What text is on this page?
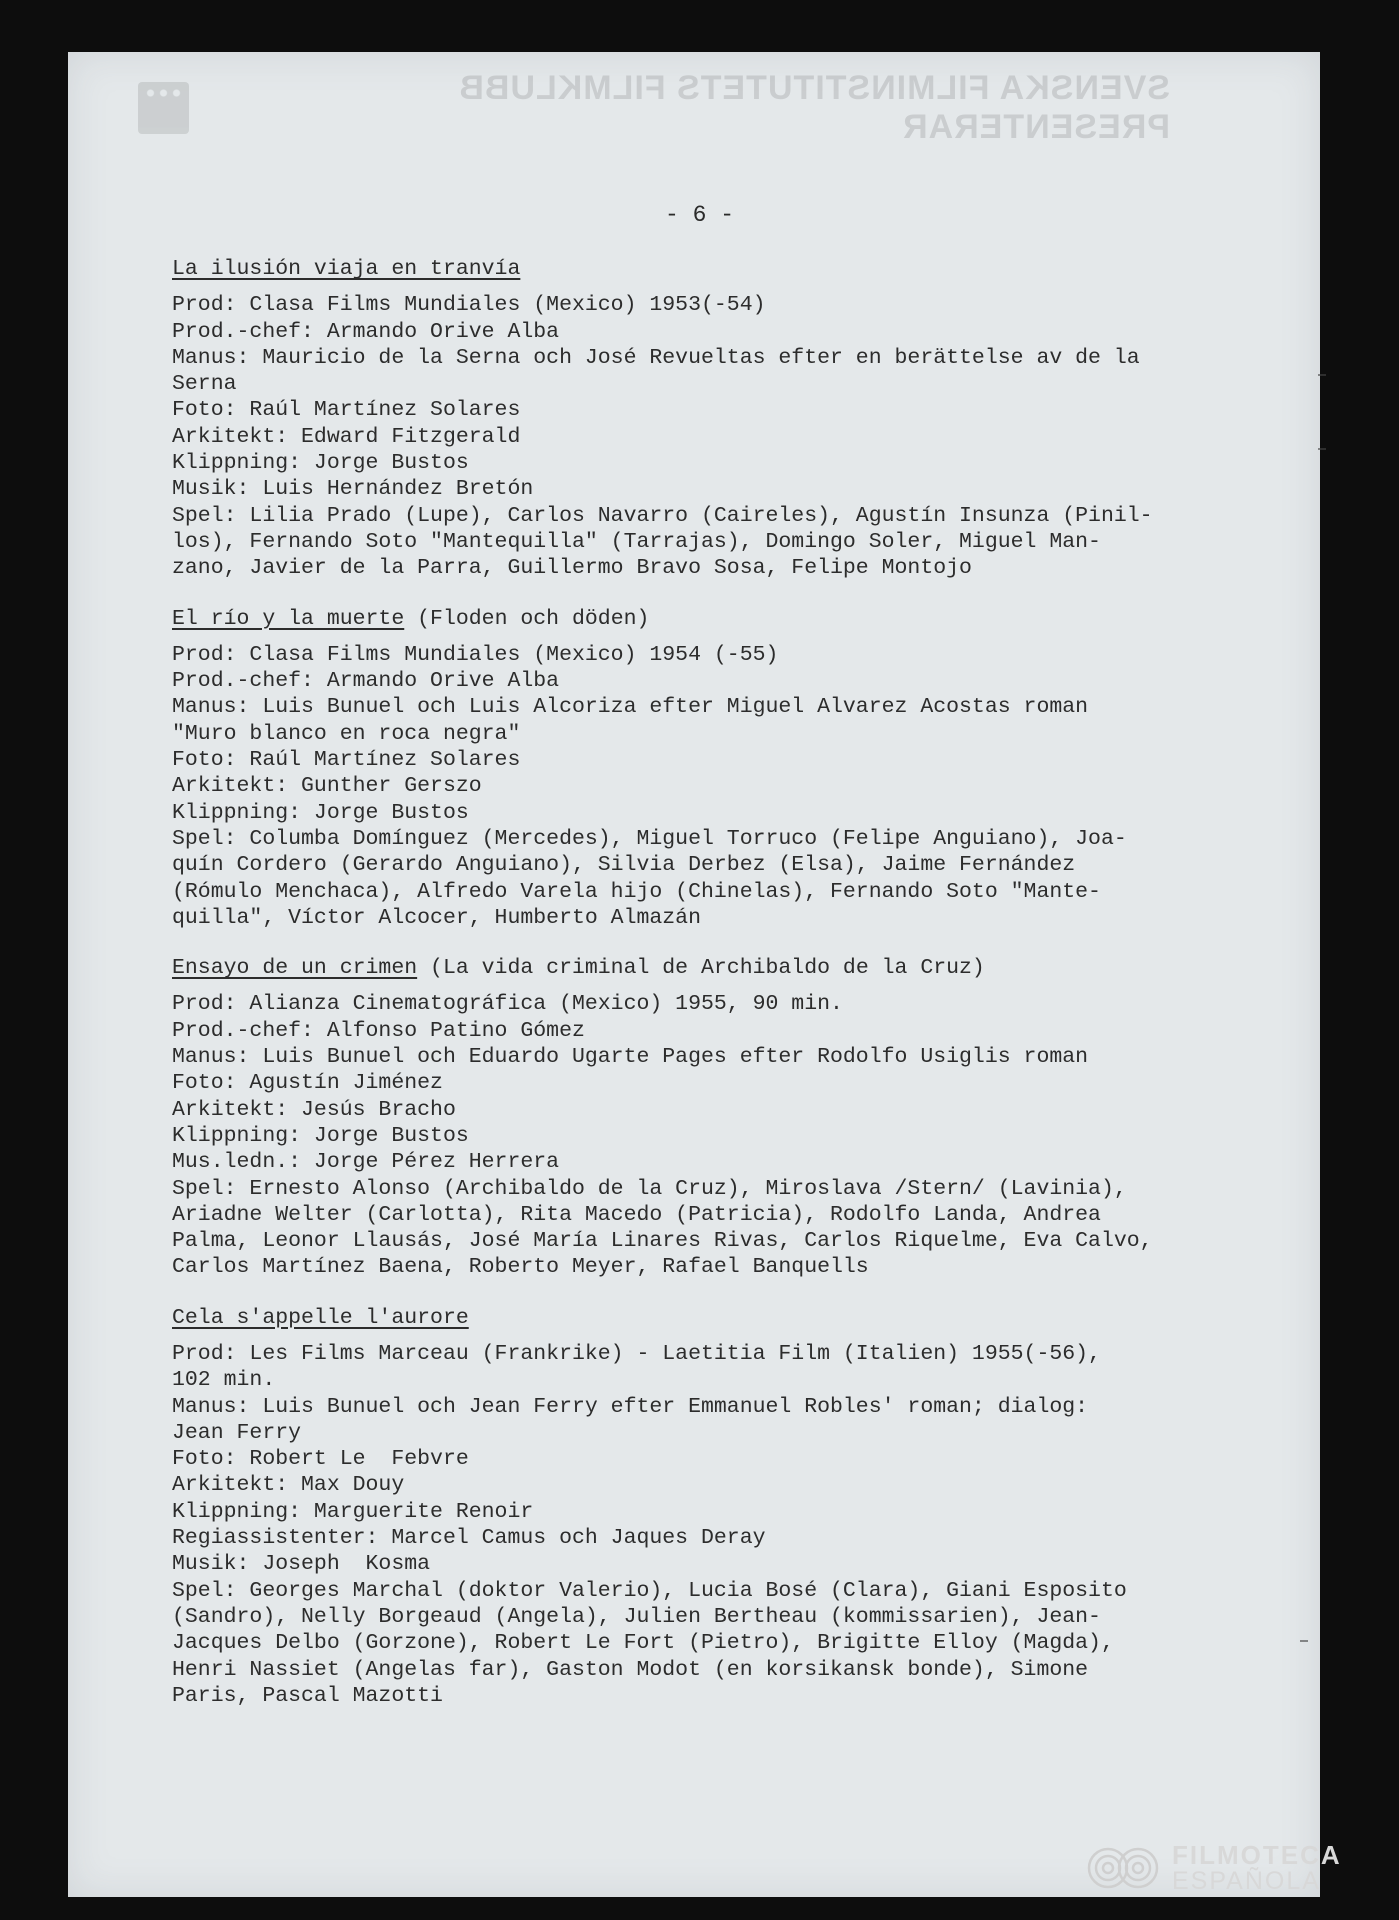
SVENSKA FILMINSTITUTETS FILMKLUBB PRESENTERAR
- 6 -
La ilusión viaja en tranvía
Prod: Clasa Films Mundiales (Mexico) 1953(-54)
Prod.-chef: Armando Orive Alba
Manus: Mauricio de la Serna och José Revueltas efter en berättelse av de la
Serna
Foto: Raúl Martínez Solares
Arkitekt: Edward Fitzgerald
Klippning: Jorge Bustos
Musik: Luis Hernández Bretón
Spel: Lilia Prado (Lupe), Carlos Navarro (Caireles), Agustín Insunza (Pinil-
los), Fernando Soto "Mantequilla" (Tarrajas), Domingo Soler, Miguel Man-
zano, Javier de la Parra, Guillermo Bravo Sosa, Felipe Montojo
El río y la muerte (Floden och döden)
Prod: Clasa Films Mundiales (Mexico) 1954 (-55)
Prod.-chef: Armando Orive Alba
Manus: Luis Bunuel och Luis Alcoriza efter Miguel Alvarez Acostas roman
"Muro blanco en roca negra"
Foto: Raúl Martínez Solares
Arkitekt: Gunther Gerszo
Klippning: Jorge Bustos
Spel: Columba Domínguez (Mercedes), Miguel Torruco (Felipe Anguiano), Joa-
quín Cordero (Gerardo Anguiano), Silvia Derbez (Elsa), Jaime Fernández
(Rómulo Menchaca), Alfredo Varela hijo (Chinelas), Fernando Soto "Mante-
quilla", Víctor Alcocer, Humberto Almazán
Ensayo de un crimen (La vida criminal de Archibaldo de la Cruz)
Prod: Alianza Cinematográfica (Mexico) 1955, 90 min.
Prod.-chef: Alfonso Patino Gómez
Manus: Luis Bunuel och Eduardo Ugarte Pages efter Rodolfo Usiglis roman
Foto: Agustín Jiménez
Arkitekt: Jesús Bracho
Klippning: Jorge Bustos
Mus.ledn.: Jorge Pérez Herrera
Spel: Ernesto Alonso (Archibaldo de la Cruz), Miroslava /Stern/ (Lavinia),
Ariadne Welter (Carlotta), Rita Macedo (Patricia), Rodolfo Landa, Andrea
Palma, Leonor Llausás, José María Linares Rivas, Carlos Riquelme, Eva Calvo,
Carlos Martínez Baena, Roberto Meyer, Rafael Banquells
Cela s'appelle l'aurore
Prod: Les Films Marceau (Frankrike) - Laetitia Film (Italien) 1955(-56),
102 min.
Manus: Luis Bunuel och Jean Ferry efter Emmanuel Robles' roman; dialog:
Jean Ferry
Foto: Robert Le  Febvre
Arkitekt: Max Douy
Klippning: Marguerite Renoir
Regiassistenter: Marcel Camus och Jaques Deray
Musik: Joseph  Kosma
Spel: Georges Marchal (doktor Valerio), Lucia Bosé (Clara), Giani Esposito
(Sandro), Nelly Borgeaud (Angela), Julien Bertheau (kommissarien), Jean-
Jacques Delbo (Gorzone), Robert Le Fort (Pietro), Brigitte Elloy (Magda),
Henri Nassiet (Angelas far), Gaston Modot (en korsikansk bonde), Simone
Paris, Pascal Mazotti
FILMOTECA
ESPAÑOLA
